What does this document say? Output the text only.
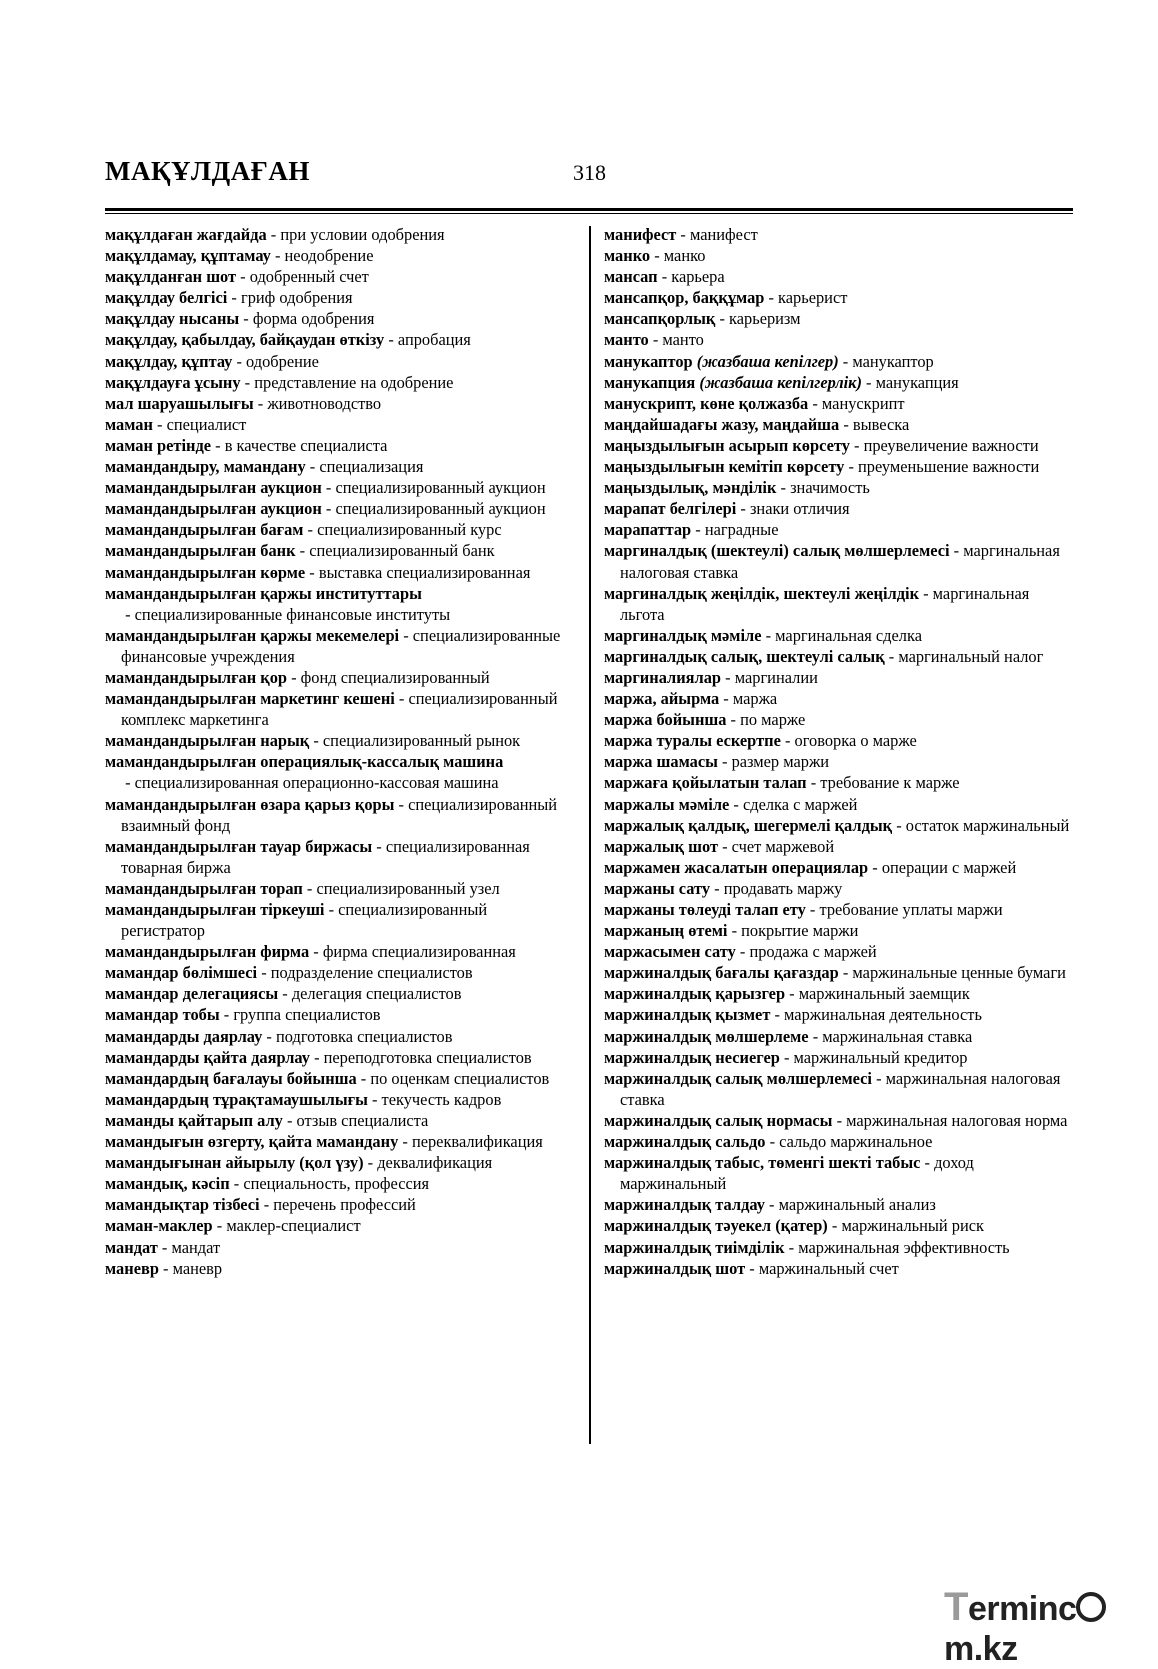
МАҚҰЛДАҒАН	318
мақұлдаған жағдайда - при условии одобрения
мақұлдамау, құптамау - неодобрение
мақұлданған шот - одобренный счет
мақұлдау белгісі - гриф одобрения
мақұлдау нысаны - форма одобрения
мақұлдау, қабылдау, байқаудан өткізу - апробация
мақұлдау, құптау - одобрение
мақұлдауға ұсыну - представление на одобрение
мал шаруашылығы - животноводство
маман - специалист
маман ретінде - в качестве специалиста
мамандандыру, мамандану - специализация
мамандандырылған аукцион - специализированный аукцион
мамандандырылған аукцион - специализированный аукцион
мамандандырылған бағам - специализированный курс
мамандандырылған банк - специализированный банк
мамандандырылған көрме - выставка специализированная
мамандандырылған қаржы институттары - специализированные финансовые институты
мамандандырылған қаржы мекемелері - специализированные финансовые учреждения
мамандандырылған қор - фонд специализированный
мамандандырылған маркетинг кешені - специализированный комплекс маркетинга
мамандандырылған нарық - специализированный рынок
мамандандырылған операциялық-кассалық машина - специализированная операционно-кассовая машина
мамандандырылған өзара қарыз қоры - специализированный взаимный фонд
мамандандырылған тауар биржасы - специализированная товарная биржа
мамандандырылған торап - специализированный узел
мамандандырылған тіркеуші - специализированный регистратор
мамандандырылған фирма - фирма специализированная
мамандар бөлімшесі - подразделение специалистов
мамандар делегациясы - делегация специалистов
мамандар тобы - группа специалистов
мамандарды даярлау - подготовка специалистов
мамандарды қайта даярлау - переподготовка специалистов
мамандардың бағалауы бойынша - по оценкам специалистов
мамандардың тұрақтамаушылығы - текучесть кадров
маманды қайтарып алу - отзыв специалиста
мамандығын өзгерту, қайта мамандану - переквалификация
мамандығынан айырылу (қол үзу) - деквалификация
мамандық, кәсіп - специальность, профессия
мамандықтар тізбесі - перечень профессий
маман-маклер - маклер-специалист
мандат - мандат
маневр - маневр
манифест - манифест
манко - манко
мансап - карьера
мансапқор, баққұмар - карьерист
мансапқорлық - карьеризм
манто - манто
манукаптор (жазбаша кепілгер) - манукаптор
манукапция (жазбаша кепілгерлік) - манукапция
манускрипт, көне қолжазба - манускрипт
маңдайшадағы жазу, маңдайша - вывеска
маңыздылығын асырып көрсету - преувеличение важности
маңыздылығын кемітіп көрсету - преуменьшение важности
маңыздылық, мәнділік - значимость
марапат белгілері - знаки отличия
марапаттар - наградные
маргиналдық (шектеулі) салық мөлшерлемесі - маргинальная налоговая ставка
маргиналдық жеңілдік, шектеулі жеңілдік - маргинальная льгота
маргиналдық мәміле - маргинальная сделка
маргиналдық салық, шектеулі салық - маргинальный налог
маргиналиялар - маргиналии
маржа, айырма - маржа
маржа бойынша - по марже
маржа туралы ескертпе - оговорка о марже
маржа шамасы - размер маржи
маржаға қойылатын талап - требование к марже
маржалы мәміле - сделка с маржей
маржалық қалдық, шегермелі қалдық - остаток маржинальный
маржалық шот - счет маржевой
маржамен жасалатын операциялар - операции с маржей
маржаны сату - продавать маржу
маржаны төлеуді талап ету - требование уплаты маржи
маржаның өтемі - покрытие маржи
маржасымен сату - продажа с маржей
маржиналдық бағалы қағаздар - маржинальные ценные бумаги
маржиналдық қарызгер - маржинальный заемщик
маржиналдық қызмет - маржинальная деятельность
маржиналдық мөлшерлеме - маржинальная ставка
маржиналдық несиегер - маржинальный кредитор
маржиналдық салық мөлшерлемесі - маржинальная налоговая ставка
маржиналдық салық нормасы - маржинальная налоговая норма
маржиналдық сальдо - сальдо маржинальное
маржиналдық табыс, төменгі шекті табыс - доход маржинальный
маржиналдық талдау - маржинальный анализ
маржиналдық тәуекел (қатер) - маржинальный риск
маржиналдық тиімділік - маржинальная эффективность
маржиналдық шот - маржинальный счет
Termincm.kz
